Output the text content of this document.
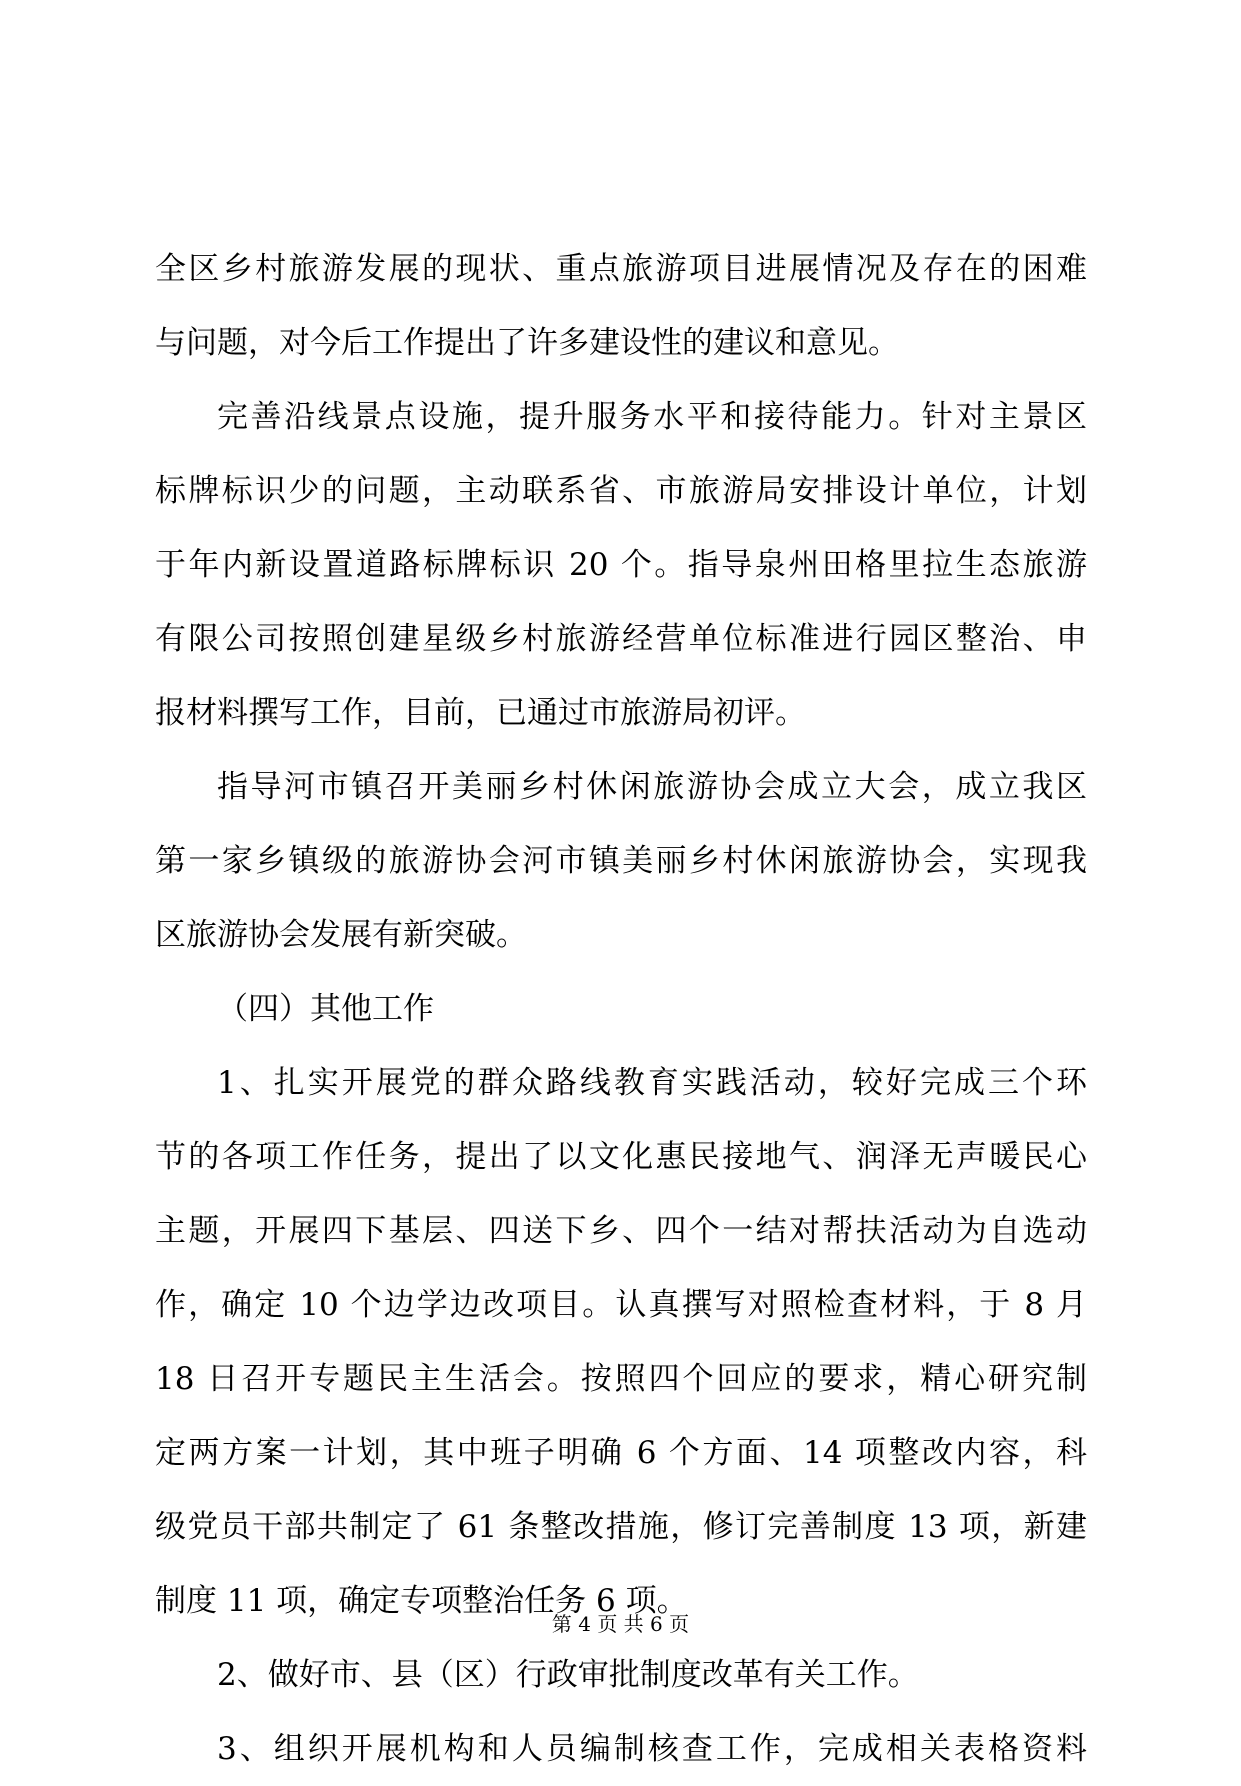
全区乡村旅游发展的现状、重点旅游项目进展情况及存在的困难
与问题，对今后工作提出了许多建设性的建议和意见。
完善沿线景点设施，提升服务水平和接待能力。针对主景区
标牌标识少的问题，主动联系省、市旅游局安排设计单位，计划
于年内新设置道路标牌标识 20 个。指导泉州田格里拉生态旅游
有限公司按照创建星级乡村旅游经营单位标准进行园区整治、申
报材料撰写工作，目前，已通过市旅游局初评。
指导河市镇召开美丽乡村休闲旅游协会成立大会，成立我区
第一家乡镇级的旅游协会河市镇美丽乡村休闲旅游协会，实现我
区旅游协会发展有新突破。
（四）其他工作
1、扎实开展党的群众路线教育实践活动，较好完成三个环
节的各项工作任务，提出了以文化惠民接地气、润泽无声暖民心
主题，开展四下基层、四送下乡、四个一结对帮扶活动为自选动
作，确定 10 个边学边改项目。认真撰写对照检查材料，于 8 月
18 日召开专题民主生活会。按照四个回应的要求，精心研究制
定两方案一计划，其中班子明确 6 个方面、14 项整改内容，科
级党员干部共制定了 61 条整改措施，修订完善制度 13 项，新建
制度 11 项，确定专项整治任务 6 项。
2、做好市、县（区）行政审批制度改革有关工作。
3、组织开展机构和人员编制核查工作，完成相关表格资料
第 4 页 共 6 页
